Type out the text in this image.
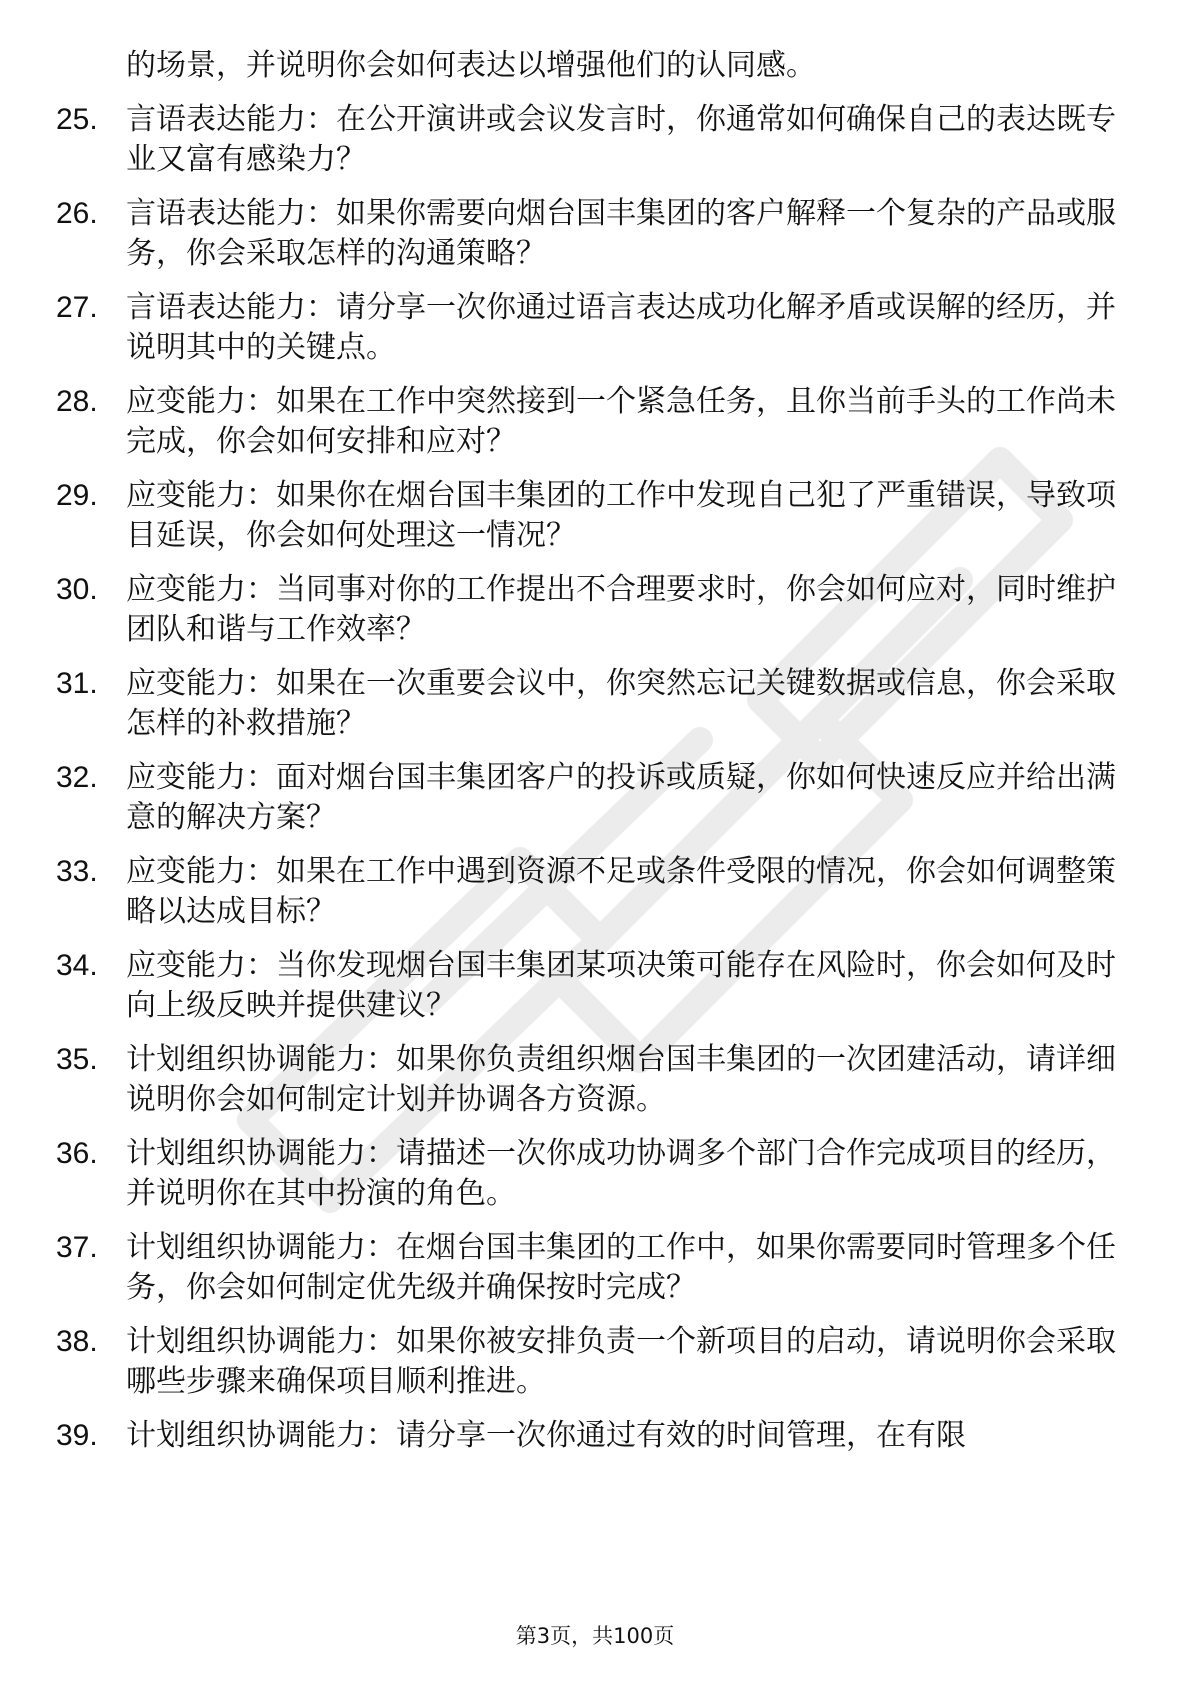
的场景，并说明你会如何表达以增强他们的认同感。
25. 言语表达能力：在公开演讲或会议发言时，你通常如何确保自己的表达既专业又富有感染力？
26. 言语表达能力：如果你需要向烟台国丰集团的客户解释一个复杂的产品或服务，你会采取怎样的沟通策略？
27. 言语表达能力：请分享一次你通过语言表达成功化解矛盾或误解的经历，并说明其中的关键点。
28. 应变能力：如果在工作中突然接到一个紧急任务，且你当前手头的工作尚未完成，你会如何安排和应对？
29. 应变能力：如果你在烟台国丰集团的工作中发现自己犯了严重错误，导致项目延误，你会如何处理这一情况？
30. 应变能力：当同事对你的工作提出不合理要求时，你会如何应对，同时维护团队和谐与工作效率？
31. 应变能力：如果在一次重要会议中，你突然忘记关键数据或信息，你会采取怎样的补救措施？
32. 应变能力：面对烟台国丰集团客户的投诉或质疑，你如何快速反应并给出满意的解决方案？
33. 应变能力：如果在工作中遇到资源不足或条件受限的情况，你会如何调整策略以达成目标？
34. 应变能力：当你发现烟台国丰集团某项决策可能存在风险时，你会如何及时向上级反映并提供建议？
35. 计划组织协调能力：如果你负责组织烟台国丰集团的一次团建活动，请详细说明你会如何制定计划并协调各方资源。
36. 计划组织协调能力：请描述一次你成功协调多个部门合作完成项目的经历，并说明你在其中扮演的角色。
37. 计划组织协调能力：在烟台国丰集团的工作中，如果你需要同时管理多个任务，你会如何制定优先级并确保按时完成？
38. 计划组织协调能力：如果你被安排负责一个新项目的启动，请说明你会采取哪些步骤来确保项目顺利推进。
39. 计划组织协调能力：请分享一次你通过有效的时间管理，在有限
第3页，共100页
